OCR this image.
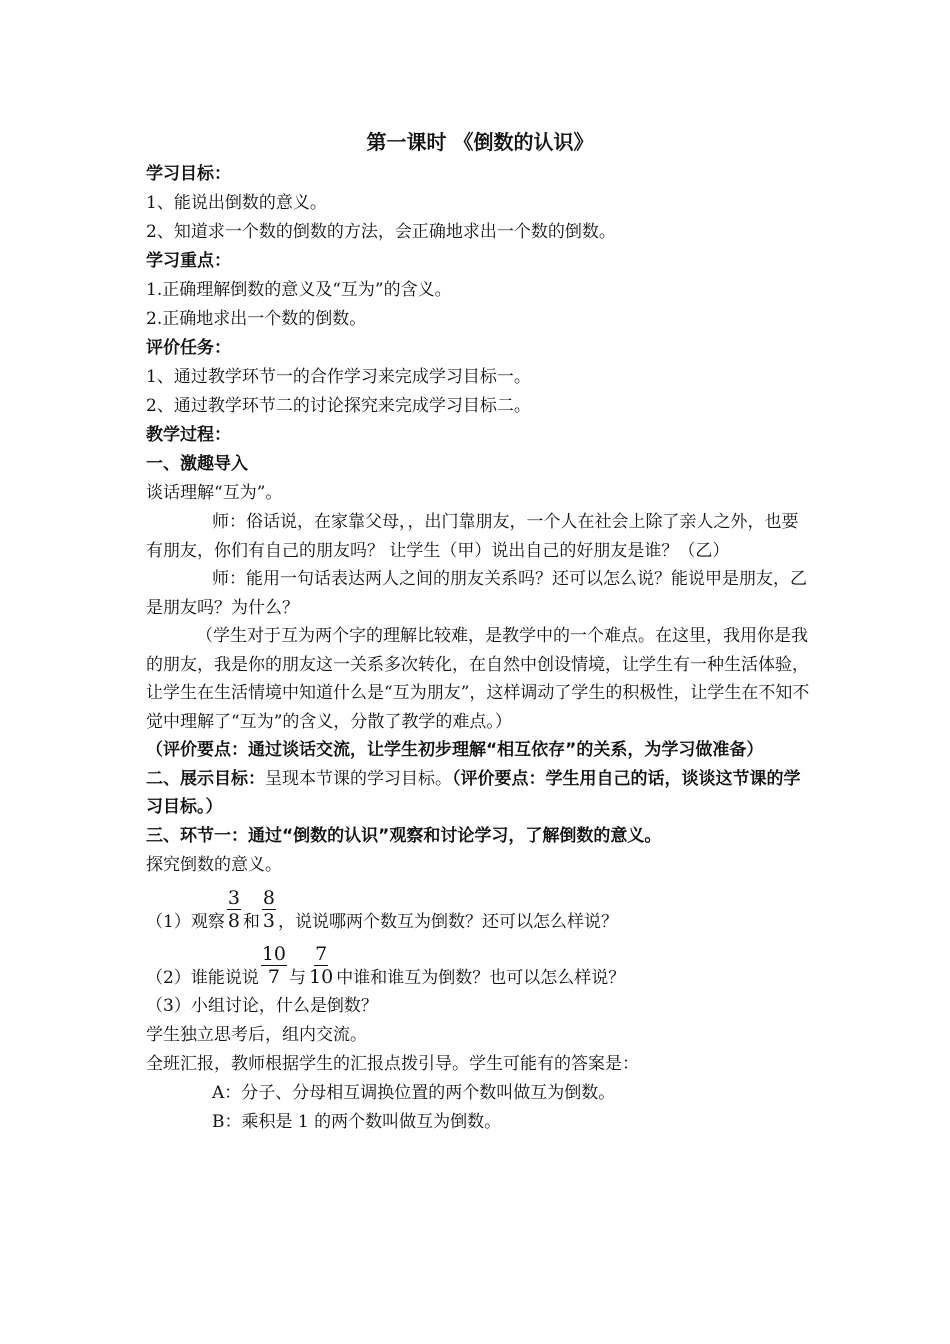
第一课时 《倒数的认识》

学习目标：

1、能说出倒数的意义。

2、知道求一个数的倒数的方法，会正确地求出一个数的倒数。

学习重点：

1.正确理解倒数的意义及“互为”的含义。

2.正确地求出一个数的倒数。

评价任务：

1、通过教学环节一的合作学习来完成学习目标一。

2、通过教学环节二的讨论探究来完成学习目标二。

教学过程：

一、激趣导入

谈话理解“互为”。

师：俗话说，在家靠父母，，出门靠朋友，一个人在社会上除了亲人之外，也要有朋友，你们有自己的朋友吗？ 让学生（甲）说出自己的好朋友是谁？（乙）

师：能用一句话表达两人之间的朋友关系吗？还可以怎么说？能说甲是朋友，乙是朋友吗？为什么？

（学生对于互为两个字的理解比较难，是教学中的一个难点。在这里，我用你是我的朋友，我是你的朋友这一关系多次转化，在自然中创设情境，让学生有一种生活体验，让学生在生活情境中知道什么是“互为朋友”，这样调动了学生的积极性，让学生在不知不觉中理解了“互为”的含义，分散了教学的难点。）

（评价要点：通过谈话交流，让学生初步理解“相互依存”的关系，为学习做准备）

二、展示目标：呈现本节课的学习目标。（评价要点：学生用自己的话，谈谈这节课的学习目标。）

三、环节一：通过“倒数的认识”观察和讨论学习，了解倒数的意义。

探究倒数的意义。

（1）观察 $\frac{3}{8}$ 和 $\frac{8}{3}$ ，说说哪两个数互为倒数？还可以怎么样说？
（2）谁能说说 $\frac{10}{7}$ 与 $\frac{7}{10}$ 中谁和谁互为倒数？也可以怎么样说？

（3）小组讨论，什么是倒数？

学生独立思考后，组内交流。

全班汇报，教师根据学生的汇报点拨引导。学生可能有的答案是：

A：分子、分母相互调换位置的两个数叫做互为倒数。

B：乘积是 1 的两个数叫做互为倒数。
